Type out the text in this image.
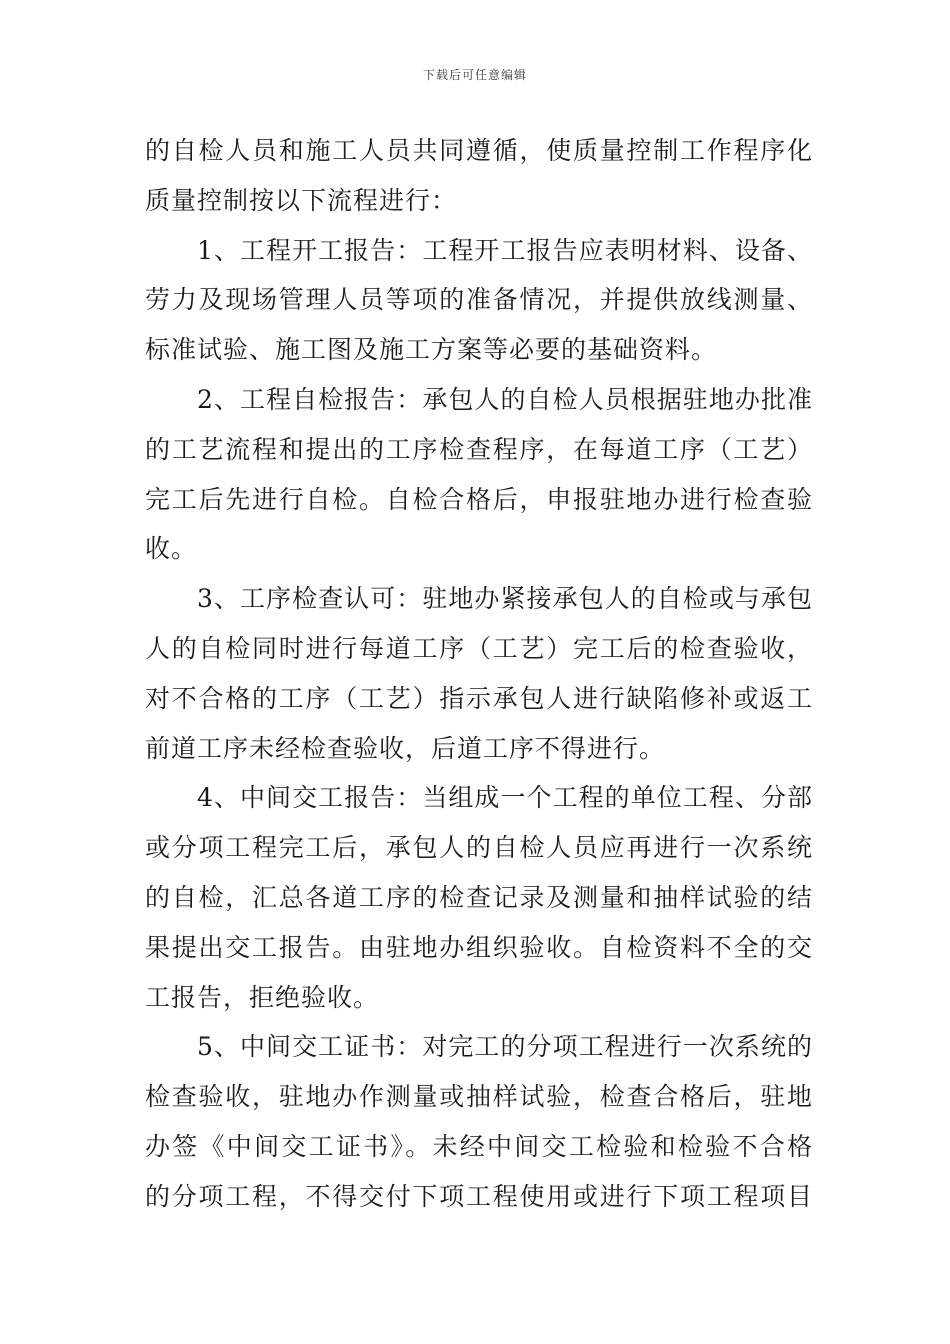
下载后可任意编辑
的自检人员和施工人员共同遵循，使质量控制工作程序化
质量控制按以下流程进行：
1、工程开工报告：工程开工报告应表明材料、设备、
劳力及现场管理人员等项的准备情况，并提供放线测量、
标准试验、施工图及施工方案等必要的基础资料。
2、工程自检报告：承包人的自检人员根据驻地办批准
的工艺流程和提出的工序检查程序，在每道工序（工艺）
完工后先进行自检。自检合格后，申报驻地办进行检查验
收。
3、工序检查认可：驻地办紧接承包人的自检或与承包
人的自检同时进行每道工序（工艺）完工后的检查验收，
对不合格的工序（工艺）指示承包人进行缺陷修补或返工
前道工序未经检查验收，后道工序不得进行。
4、中间交工报告：当组成一个工程的单位工程、分部
或分项工程完工后，承包人的自检人员应再进行一次系统
的自检，汇总各道工序的检查记录及测量和抽样试验的结
果提出交工报告。由驻地办组织验收。自检资料不全的交
工报告，拒绝验收。
5、中间交工证书：对完工的分项工程进行一次系统的
检查验收，驻地办作测量或抽样试验，检查合格后，驻地
办签《中间交工证书》。未经中间交工检验和检验不合格
的分项工程，不得交付下项工程使用或进行下项工程项目
